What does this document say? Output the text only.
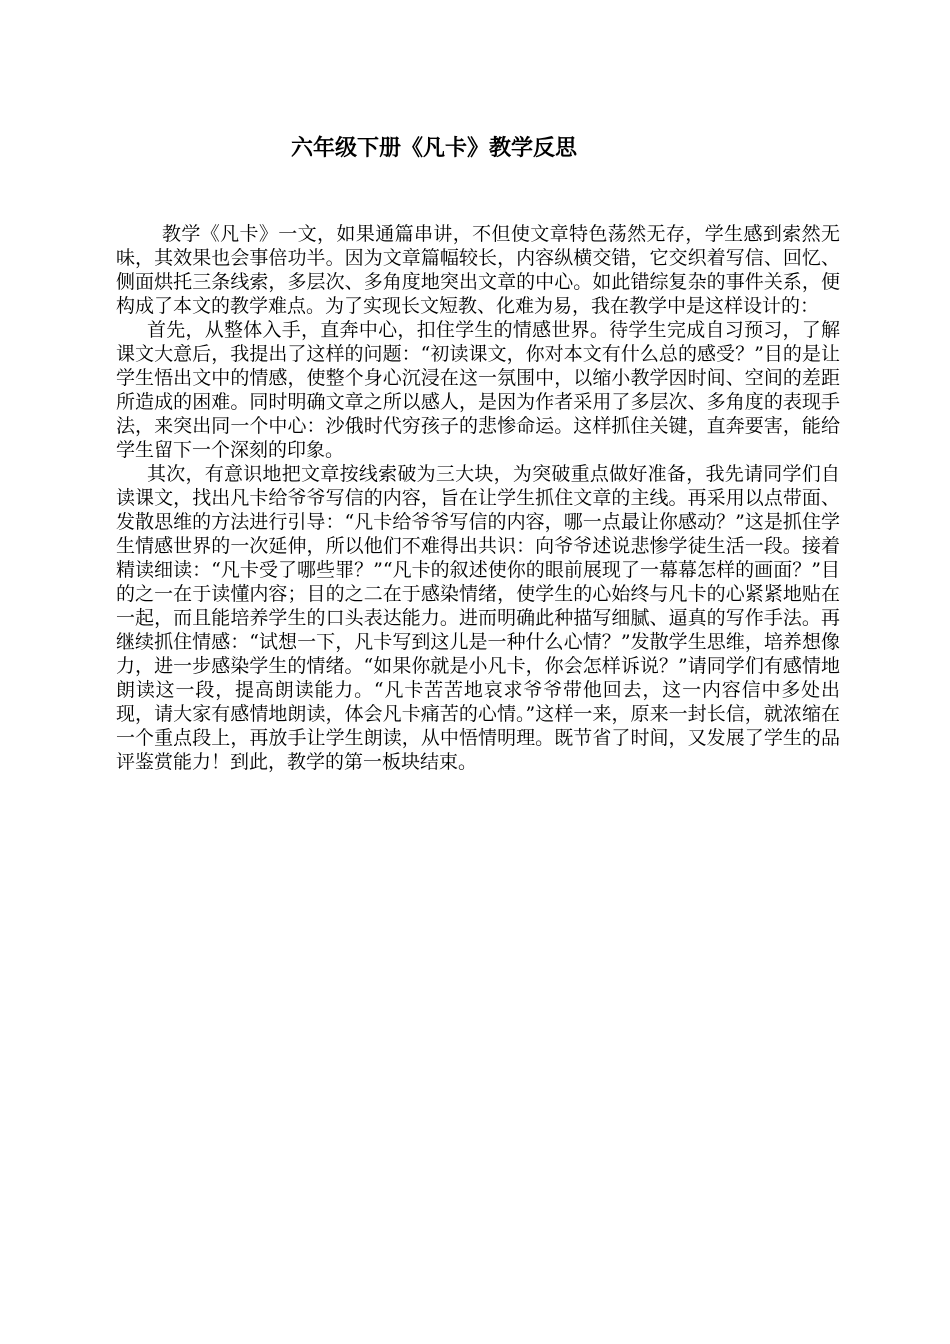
六年级下册《凡卡》教学反思

教学《凡卡》一文，如果通篇串讲，不但使文章特色荡然无存，学生感到索然无味，其效果也会事倍功半。因为文章篇幅较长，内容纵横交错，它交织着写信、回忆、侧面烘托三条线索，多层次、多角度地突出文章的中心。如此错综复杂的事件关系，便构成了本文的教学难点。为了实现长文短教、化难为易，我在教学中是这样设计的：

首先，从整体入手，直奔中心，扣住学生的情感世界。待学生完成自习预习，了解课文大意后，我提出了这样的问题：“初读课文，你对本文有什么总的感受？”目的是让学生悟出文中的情感，使整个身心沉浸在这一氛围中，以缩小教学因时间、空间的差距所造成的困难。同时明确文章之所以感人，是因为作者采用了多层次、多角度的表现手法，来突出同一个中心：沙俄时代穷孩子的悲惨命运。这样抓住关键，直奔要害，能给学生留下一个深刻的印象。

其次，有意识地把文章按线索破为三大块，为突破重点做好准备，我先请同学们自读课文，找出凡卡给爷爷写信的内容，旨在让学生抓住文章的主线。再采用以点带面、发散思维的方法进行引导：“凡卡给爷爷写信的内容，哪一点最让你感动？”这是抓住学生情感世界的一次延伸，所以他们不难得出共识：向爷爷述说悲惨学徒生活一段。接着精读细读：“凡卡受了哪些罪？”“凡卡的叙述使你的眼前展现了一幕幕怎样的画面？”目的之一在于读懂内容；目的之二在于感染情绪，使学生的心始终与凡卡的心紧紧地贴在一起，而且能培养学生的口头表达能力。进而明确此种描写细腻、逼真的写作手法。再继续抓住情感：“试想一下，凡卡写到这儿是一种什么心情？”发散学生思维，培养想像力，进一步感染学生的情绪。“如果你就是小凡卡，你会怎样诉说？”请同学们有感情地朗读这一段，提高朗读能力。“凡卡苦苦地哀求爷爷带他回去，这一内容信中多处出现，请大家有感情地朗读，体会凡卡痛苦的心情。”这样一来，原来一封长信，就浓缩在一个重点段上，再放手让学生朗读，从中悟情明理。既节省了时间，又发展了学生的品评鉴赏能力！到此，教学的第一板块结束。
